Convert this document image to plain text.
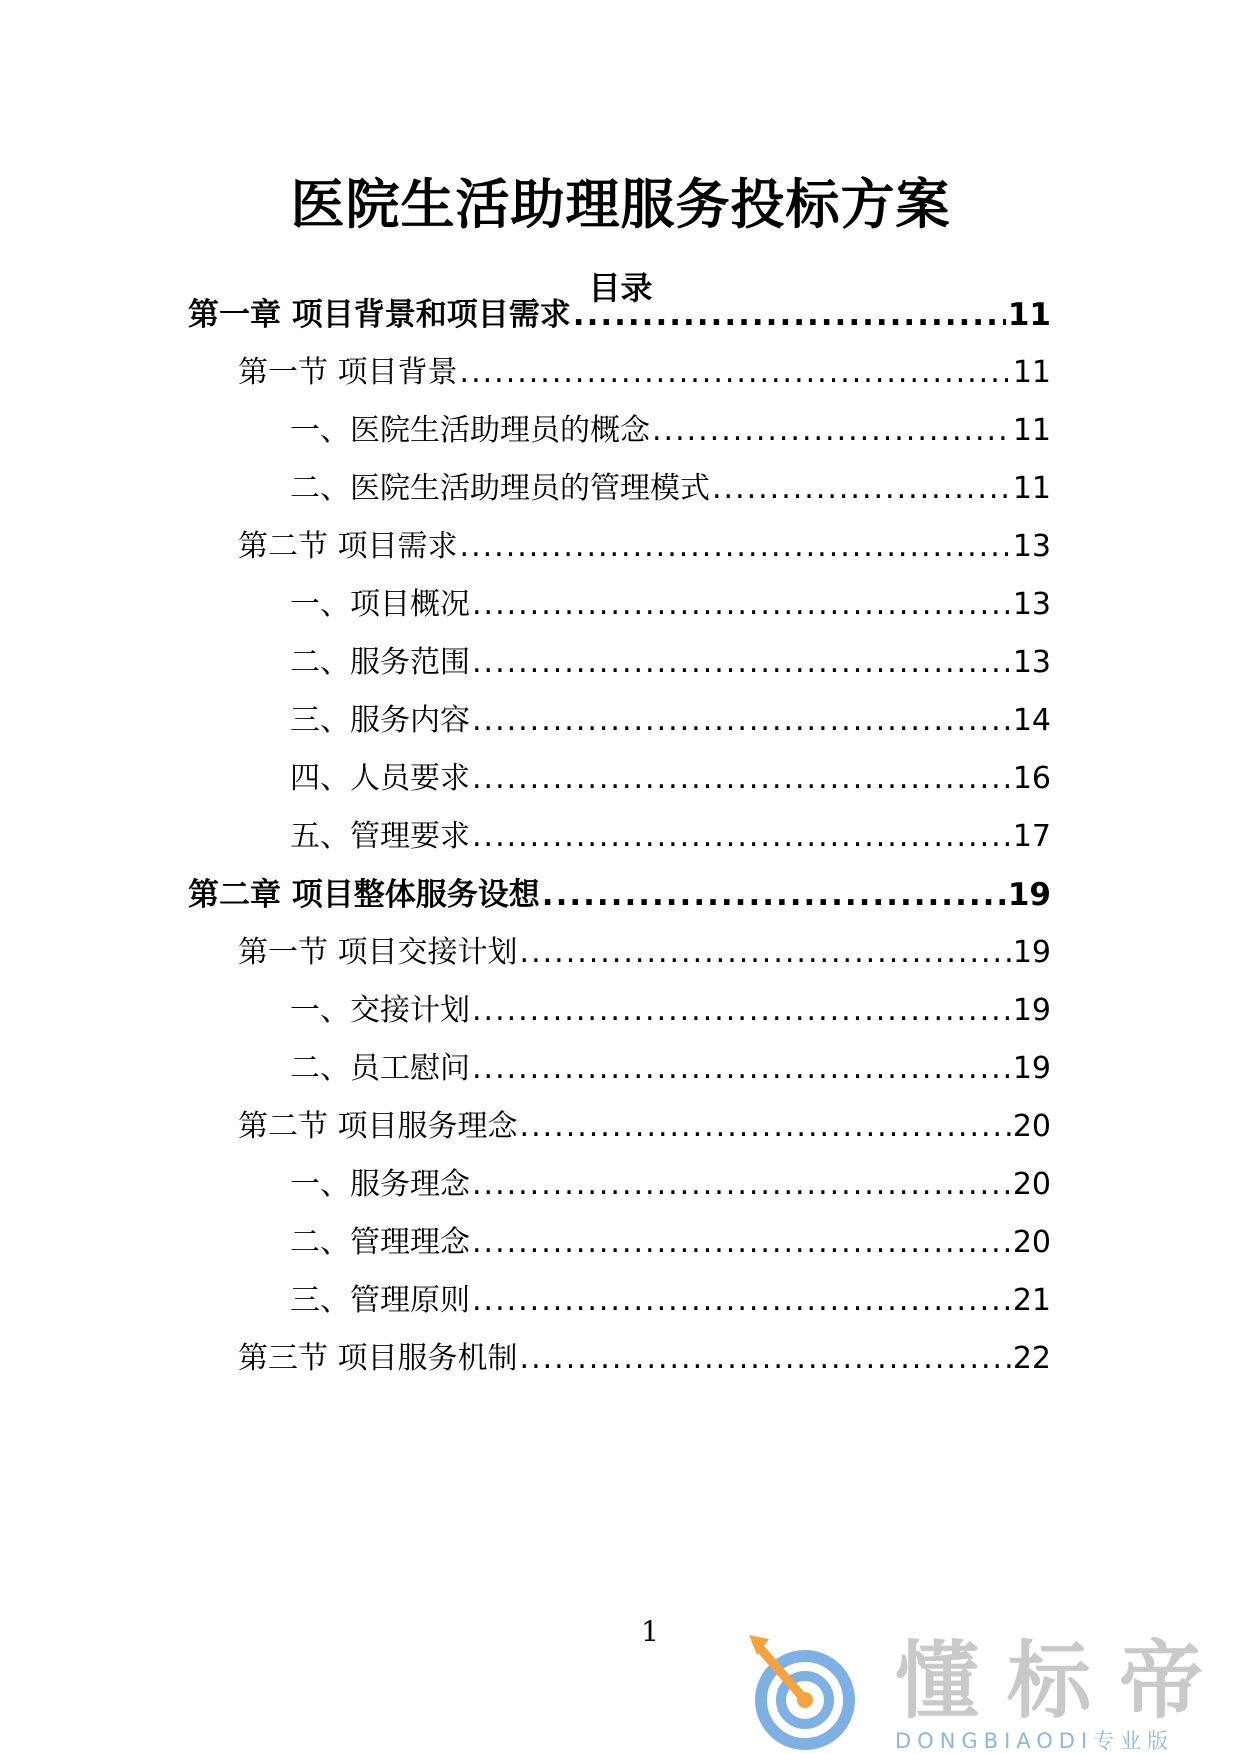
医院生活助理服务投标方案
目录
第一章 项目背景和项目需求 .....	11
第一节 项目背景 .....	11
一、医院生活助理员的概念 .....	11
二、医院生活助理员的管理模式 .....	11
第二节 项目需求 .....	13
一、项目概况 .....	13
二、服务范围 .....	13
三、服务内容 .....	14
四、人员要求 .....	16
五、管理要求 .....	17
第二章 项目整体服务设想 .....	19
第一节 项目交接计划 .....	19
一、交接计划 .....	19
二、员工慰问 .....	19
第二节 项目服务理念 .....	20
一、服务理念 .....	20
二、管理理念 .....	20
三、管理原则 .....	21
第三节 项目服务机制 .....	22
1
懂标帝
DONGBIAODI专业版
